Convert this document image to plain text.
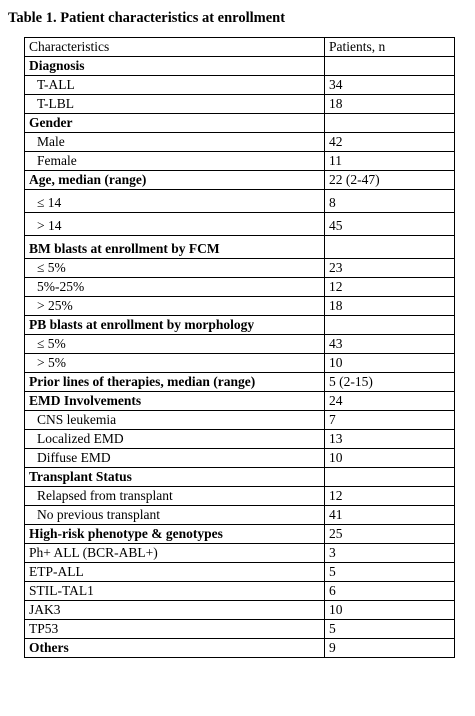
Table 1. Patient characteristics at enrollment
Characteristics	Patients, n
Diagnosis	
T-ALL	34
T-LBL	18
Gender	
Male	42
Female	11
Age, median (range)	22 (2-47)
≤ 14	8
> 14	45
BM blasts at enrollment by FCM	
≤ 5%	23
5%-25%	12
> 25%	18
PB blasts at enrollment by morphology	
≤ 5%	43
> 5%	10
Prior lines of therapies, median (range)	5 (2-15)
EMD Involvements	24
CNS leukemia	7
Localized EMD	13
Diffuse EMD	10
Transplant Status	
Relapsed from transplant	12
No previous transplant	41
High-risk phenotype & genotypes	25
Ph+ ALL (BCR-ABL+)	3
ETP-ALL	5
STIL-TAL1	6
JAK3	10
TP53	5
Others	9
